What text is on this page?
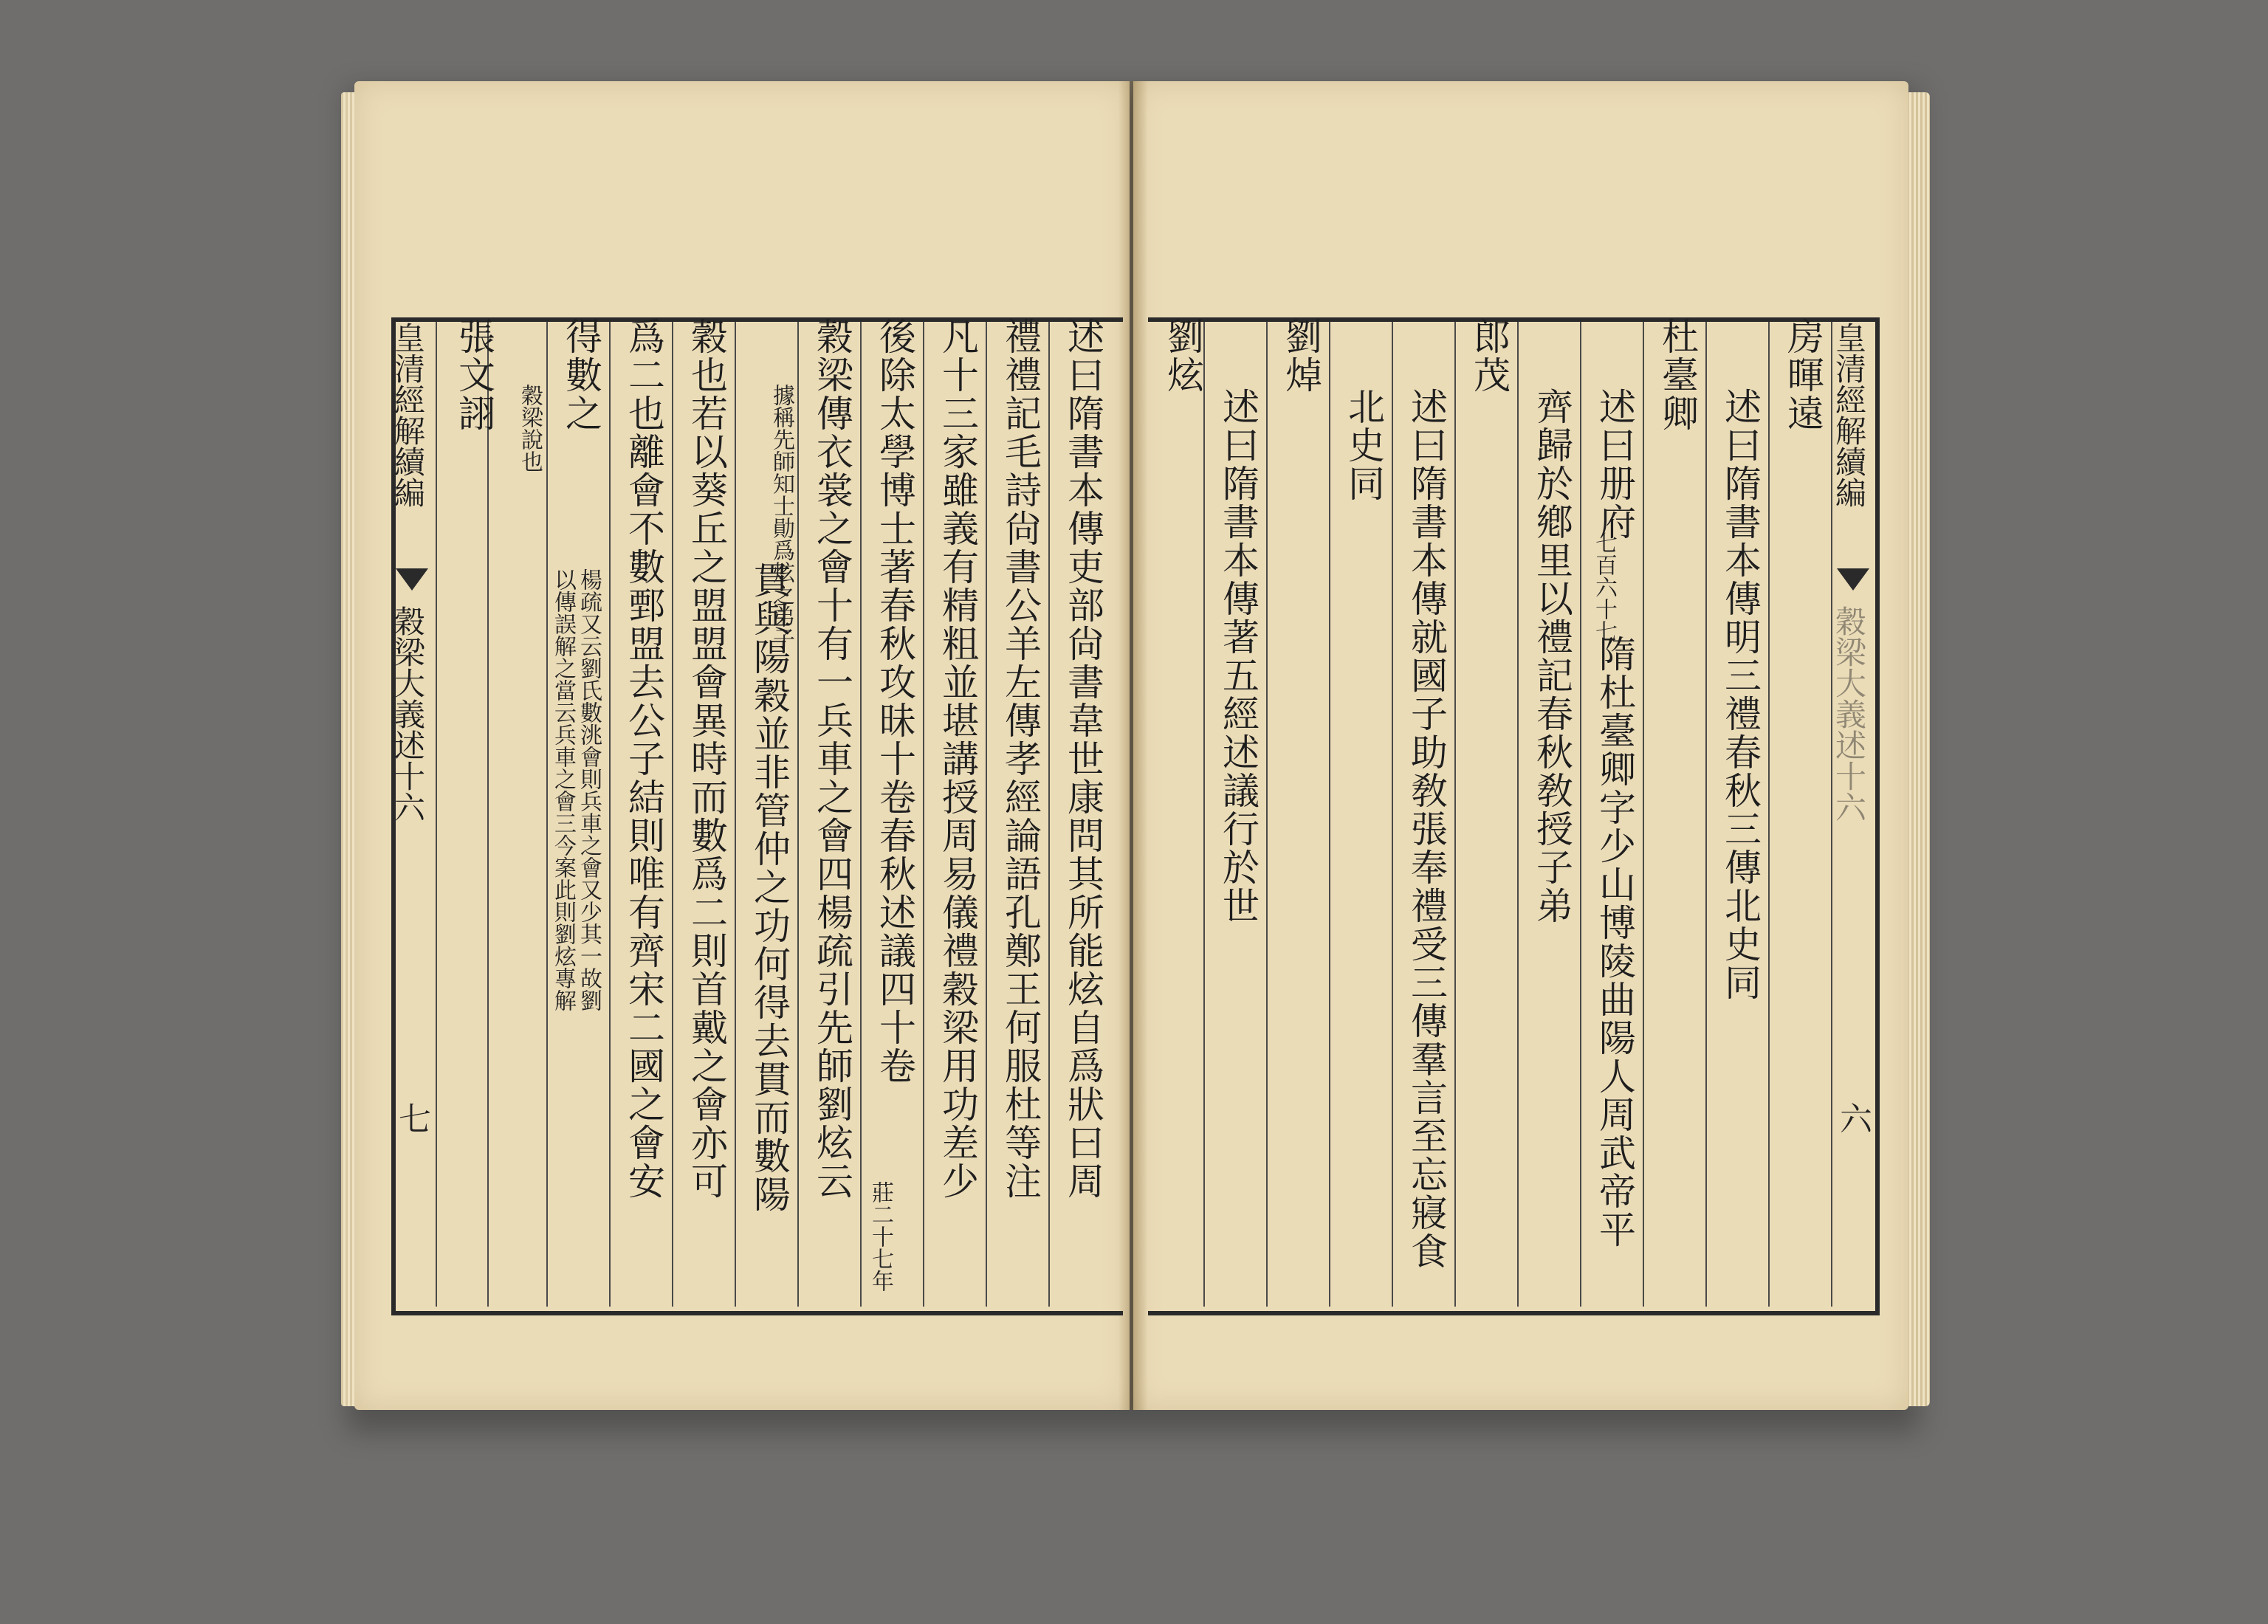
皇清經解續編
穀梁大義述十六
七	述曰隋書本傳吏部尙書韋世康問其所能炫自爲狀曰周
禮禮記毛詩尙書公羊左傳孝經論語孔鄭王何服杜等注
凡十三家雖義有精粗並堪講授周易儀禮穀梁用功差少
後除太學博士著春秋攻昧十卷春秋述議四十卷
莊二十七年
穀梁傳衣裳之會十有一兵車之會四楊疏引先師劉炫云
據稱先師知士勛爲炫之弟子
貫與陽穀並非管仲之功何得去貫而數陽
穀也若以葵丘之盟盟會異時而數爲二則首戴之會亦可
爲二也離會不數鄄盟去公子結則唯有齊宋二國之會安
得數之
楊疏又云劉氏數洮會則兵車之會又少其一故劉
以傳誤解之當云兵車之會三今案此則劉炫專解
穀梁說也
張文詡	房暉遠
述曰隋書本傳明三禮春秋三傳北史同
杜臺卿
述曰册府
七百六十七
隋杜臺卿字少山博陵曲陽人周武帝平
齊歸於鄕里以禮記春秋敎授子弟
郎茂
述曰隋書本傳就國子助敎張奉禮受三傳羣言至忘寢食
北史同
劉焯
述曰隋書本傳著五經述議行於世
劉炫	皇清經解續編
穀梁大義述十六
六
